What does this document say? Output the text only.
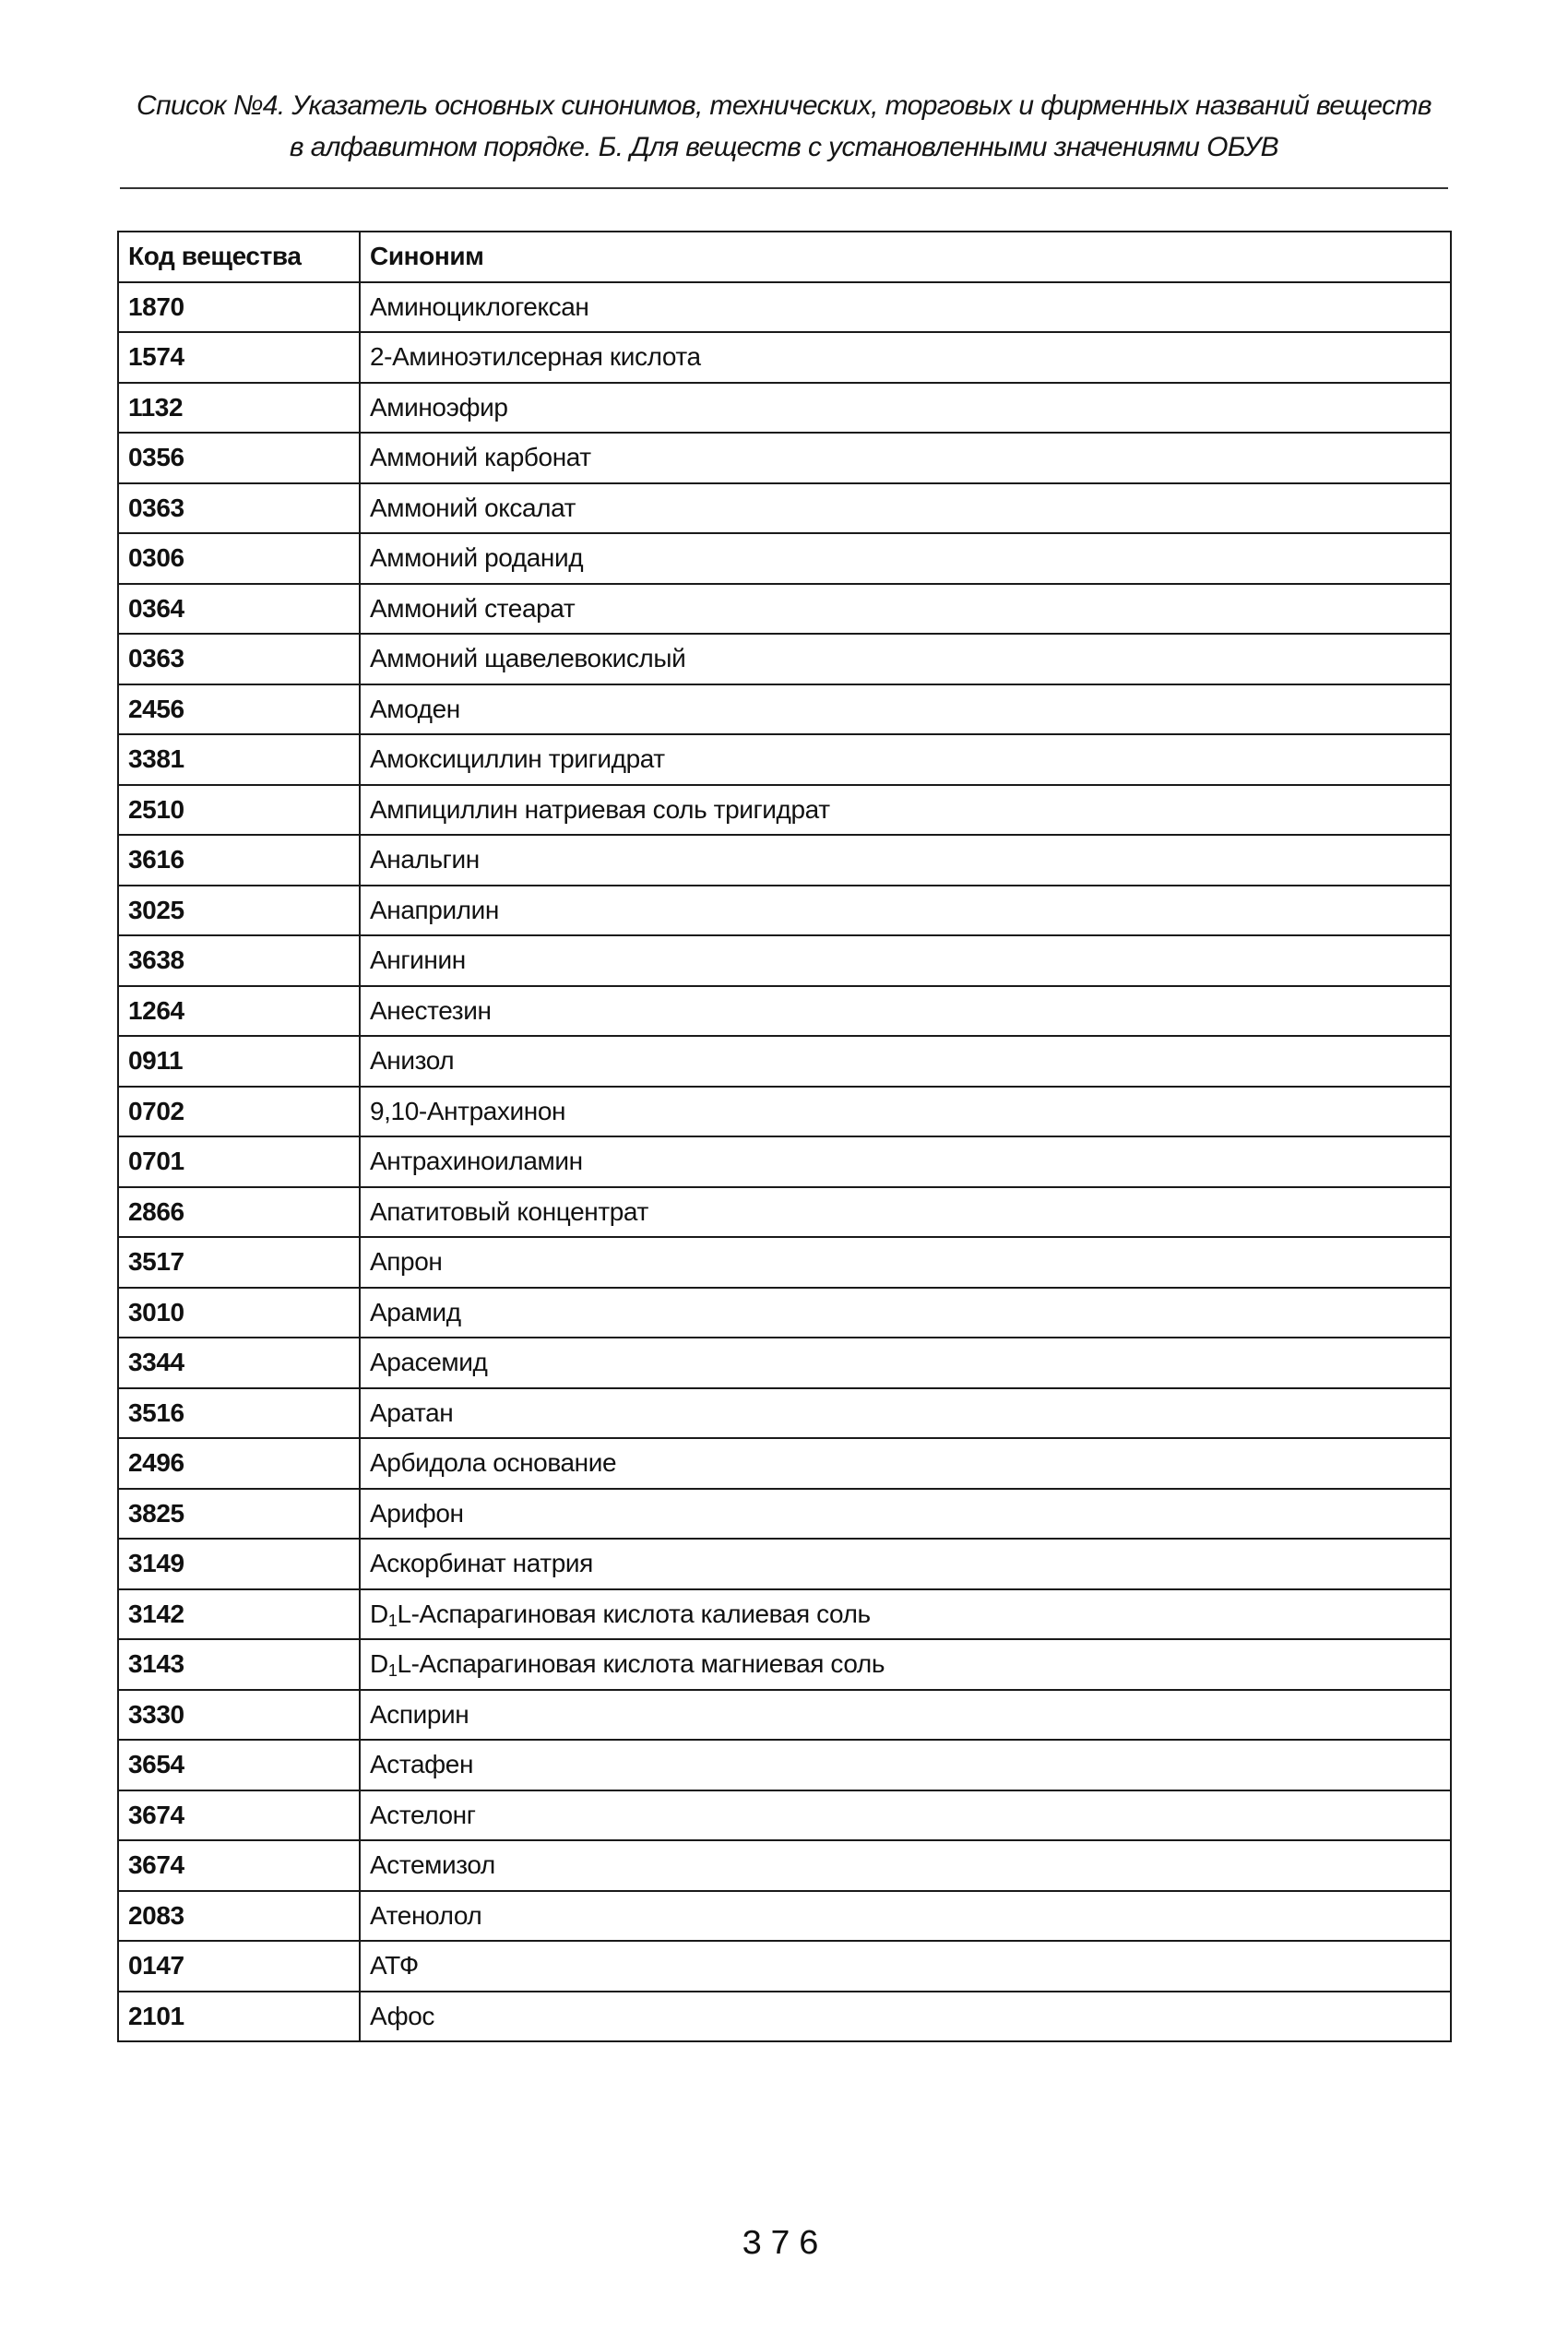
Список №4. Указатель основных синонимов, технических, торговых и фирменных названий веществ
в алфавитном порядке. Б. Для веществ с установленными значениями ОБУВ
Код вещества	Синоним
1870	Аминоциклогексан
1574	2-Аминоэтилсерная кислота
1132	Аминоэфир
0356	Аммоний карбонат
0363	Аммоний оксалат
0306	Аммоний роданид
0364	Аммоний стеарат
0363	Аммоний щавелевокислый
2456	Амоден
3381	Амоксициллин тригидрат
2510	Ампициллин натриевая соль тригидрат
3616	Анальгин
3025	Анаприлин
3638	Ангинин
1264	Анестезин
0911	Анизол
0702	9,10-Антрахинон
0701	Антрахиноиламин
2866	Апатитовый концентрат
3517	Апрон
3010	Арамид
3344	Арасемид
3516	Аратан
2496	Арбидола основание
3825	Арифон
3149	Аскорбинат натрия
3142	$D_1L$-Аспарагиновая кислота калиевая соль
3143	$D_1L$-Аспарагиновая кислота магниевая соль
3330	Аспирин
3654	Астафен
3674	Астелонг
3674	Астемизол
2083	Атенолол
0147	АТФ
2101	Афос
376
